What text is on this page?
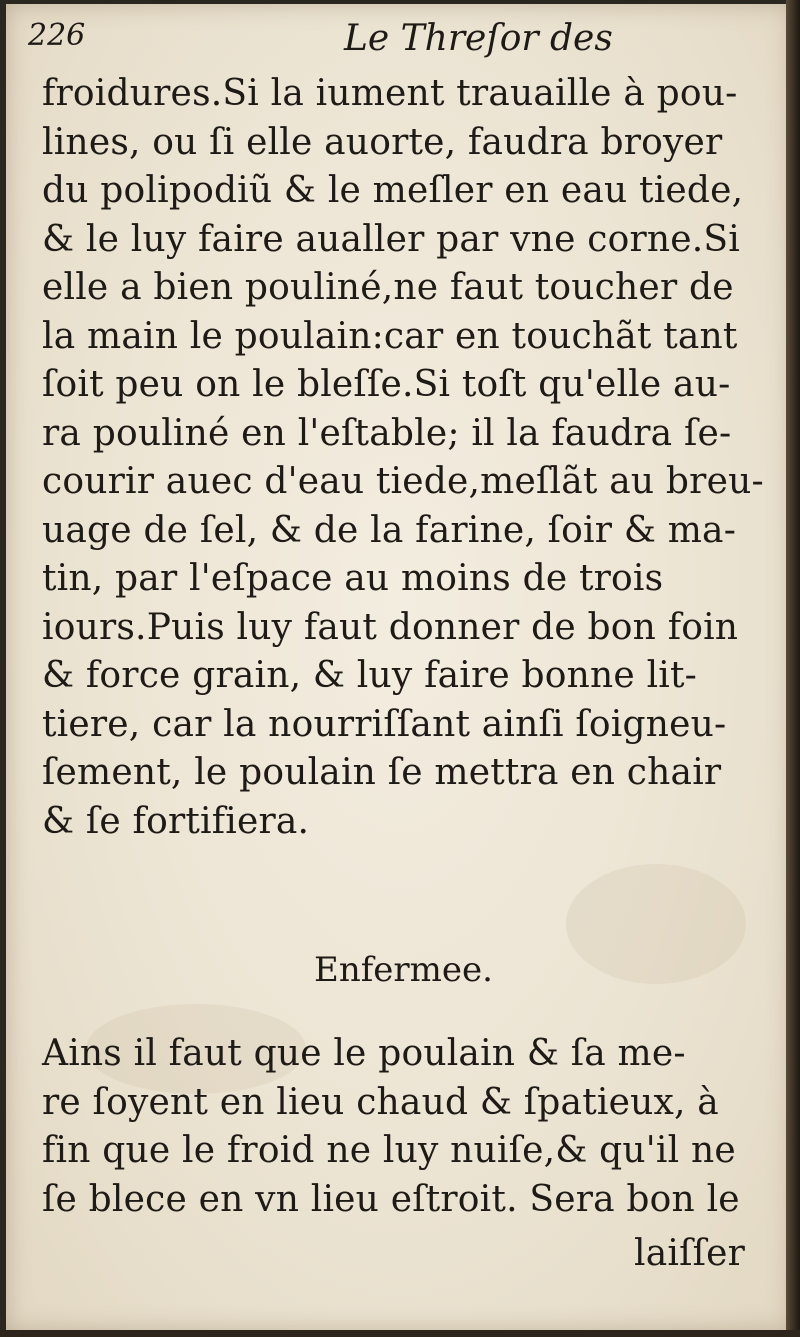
226	Le Threſor des
froidures.Si la iument trauaille à pou-
lines, ou ſi elle auorte, faudra broyer
du polipodiũ & le meſler en eau tiede,
& le luy faire aualler par vne corne.Si
elle a bien pouliné,ne faut toucher de
la main le poulain:car en touchãt tant
ſoit peu on le bleſſe.Si toſt qu'elle au-
ra pouliné en l'eſtable; il la faudra ſe-
courir auec d'eau tiede,meſlãt au breu-
uage de ſel, & de la farine, ſoir & ma-
tin, par l'eſpace au moins de trois
iours.Puis luy faut donner de bon foin
& force grain, & luy faire bonne lit-
tiere, car la nourriſſant ainſi ſoigneu-
ſement, le poulain ſe mettra en chair
& ſe fortifiera.
Enfermee.
Ains il faut que le poulain & ſa me-
re ſoyent en lieu chaud & ſpatieux, à
fin que le froid ne luy nuiſe,& qu'il ne
ſe blece en vn lieu eſtroit. Sera bon le
laiſſer
